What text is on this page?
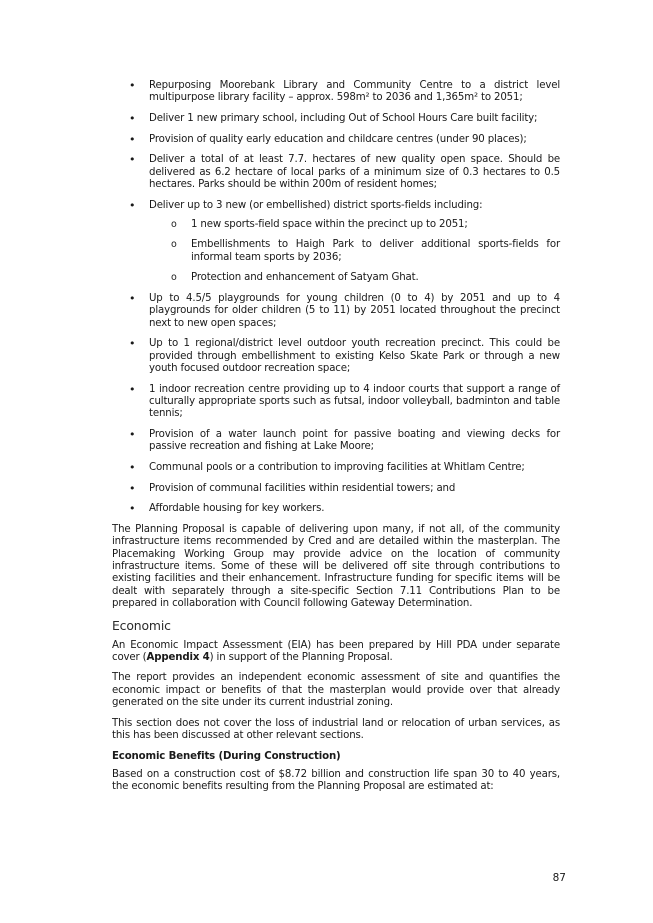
• Repurposing Moorebank Library and Community Centre to a district level multipurpose library facility – approx. 598m² to 2036 and 1,365m² to 2051;
• Deliver 1 new primary school, including Out of School Hours Care built facility;
• Provision of quality early education and childcare centres (under 90 places);
• Deliver a total of at least 7.7. hectares of new quality open space. Should be delivered as 6.2 hectare of local parks of a minimum size of 0.3 hectares to 0.5 hectares. Parks should be within 200m of resident homes;
• Deliver up to 3 new (or embellished) district sports-fields including:
o 1 new sports-field space within the precinct up to 2051;
o Embellishments to Haigh Park to deliver additional sports-fields for informal team sports by 2036;
o Protection and enhancement of Satyam Ghat.
• Up to 4.5/5 playgrounds for young children (0 to 4) by 2051 and up to 4 playgrounds for older children (5 to 11) by 2051 located throughout the precinct next to new open spaces;
• Up to 1 regional/district level outdoor youth recreation precinct. This could be provided through embellishment to existing Kelso Skate Park or through a new youth focused outdoor recreation space;
• 1 indoor recreation centre providing up to 4 indoor courts that support a range of culturally appropriate sports such as futsal, indoor volleyball, badminton and table tennis;
• Provision of a water launch point for passive boating and viewing decks for passive recreation and fishing at Lake Moore;
• Communal pools or a contribution to improving facilities at Whitlam Centre;
• Provision of communal facilities within residential towers; and
• Affordable housing for key workers.

The Planning Proposal is capable of delivering upon many, if not all, of the community infrastructure items recommended by Cred and are detailed within the masterplan. The Placemaking Working Group may provide advice on the location of community infrastructure items. Some of these will be delivered off site through contributions to existing facilities and their enhancement. Infrastructure funding for specific items will be dealt with separately through a site-specific Section 7.11 Contributions Plan to be prepared in collaboration with Council following Gateway Determination.

Economic

An Economic Impact Assessment (EIA) has been prepared by Hill PDA under separate cover (Appendix 4) in support of the Planning Proposal.

The report provides an independent economic assessment of site and quantifies the economic impact or benefits of that the masterplan would provide over that already generated on the site under its current industrial zoning.

This section does not cover the loss of industrial land or relocation of urban services, as this has been discussed at other relevant sections.

Economic Benefits (During Construction)

Based on a construction cost of $8.72 billion and construction life span 30 to 40 years, the economic benefits resulting from the Planning Proposal are estimated at:

87
